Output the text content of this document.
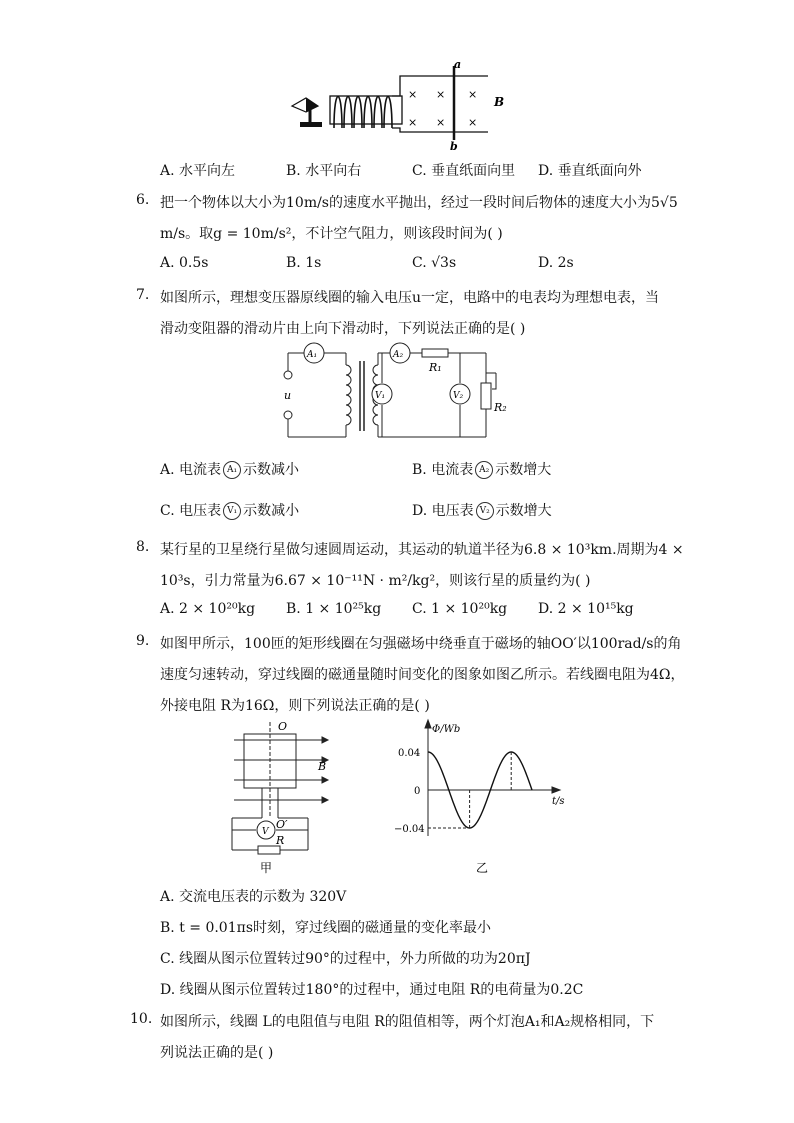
a
b
B
×
×
×
×
×
×
A. 水平向左	B. 水平向右	C. 垂直纸面向里 D. 垂直纸面向外
6. 把一个物体以大小为10m/s的速度水平抛出，经过一段时间后物体的速度大小为5√5
m/s。取g = 10m/s²，不计空气阻力，则该段时间为( )
A. 0.5s	B. 1s	C. √3s	D. 2s
7. 如图所示，理想变压器原线圈的输入电压u一定，电路中的电表均为理想电表，当
滑动变阻器的滑动片由上向下滑动时，下列说法正确的是( )
A₁	A₂
V₁	V₂
R₁
R₂
u
A. 电流表 A₁ 示数减小	B. 电流表 A₂ 示数增大
C. 电压表 V₁ 示数减小	D. 电压表 V₂ 示数增大
8. 某行星的卫星绕行星做匀速圆周运动，其运动的轨道半径为6.8 × 10³km.周期为4 ×
10³s，引力常量为6.67 × 10⁻¹¹N · m²/kg²，则该行星的质量约为( )
A. 2 × 10²⁰kg B. 1 × 10²⁵kg C. 1 × 10²⁰kg D. 2 × 10¹⁵kg
9. 如图甲所示，100匝的矩形线圈在匀强磁场中绕垂直于磁场的轴OO′以100rad/s的角
速度匀速转动，穿过线圈的磁通量随时间变化的图象如图乙所示。若线圈电阻为4Ω，
外接电阻 R为16Ω，则下列说法正确的是( )
O
O′
B
R
V
甲
Φ/Wb
t/s
0.04
0
−0.04
乙
A. 交流电压表的示数为 320V
B. t = 0.01πs时刻，穿过线圈的磁通量的变化率最小
C. 线圈从图示位置转过90°的过程中，外力所做的功为20πJ
D. 线圈从图示位置转过180°的过程中，通过电阻 R的电荷量为0.2C
10. 如图所示，线圈 L的电阻值与电阻 R的阻值相等，两个灯泡A₁和A₂规格相同，下
列说法正确的是( )
